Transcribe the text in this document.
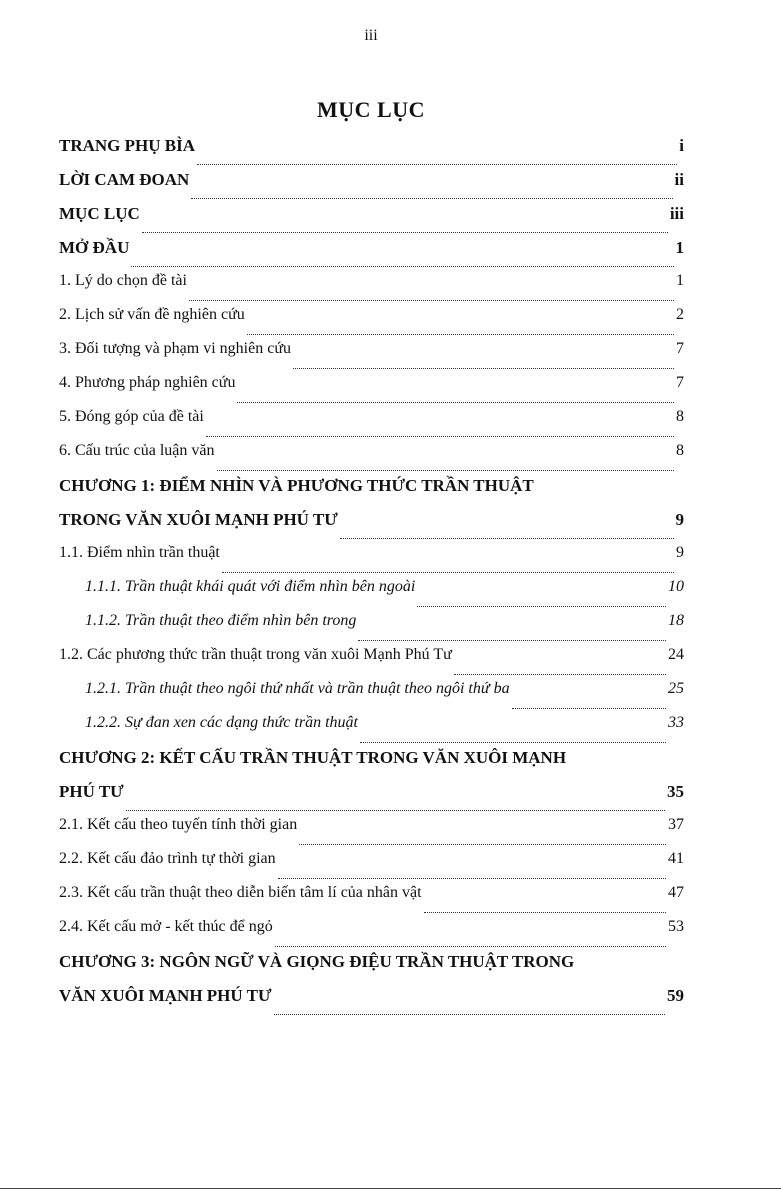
iii
MỤC LỤC
TRANG PHỤ BÌA	i
LỜI CAM ĐOAN	ii
MỤC LỤC	iii
MỞ ĐẦU	1
1. Lý do chọn đề tài	1
2. Lịch sử vấn đề nghiên cứu	2
3. Đối tượng và phạm vi nghiên cứu	7
4. Phương pháp nghiên cứu	7
5. Đóng góp của đề tài	8
6. Cấu trúc của luận văn	8
CHƯƠNG 1: ĐIỂM NHÌN VÀ PHƯƠNG THỨC TRẦN THUẬT
TRONG VĂN XUÔI MẠNH PHÚ TƯ	9
1.1. Điểm nhìn trần thuật	9
1.1.1. Trần thuật khái quát với điểm nhìn bên ngoài	10
1.1.2. Trần thuật theo điểm nhìn bên trong	18
1.2. Các phương thức trần thuật trong văn xuôi Mạnh Phú Tư	24
1.2.1. Trần thuật theo ngôi thứ nhất và trần thuật theo ngôi thứ ba	25
1.2.2. Sự đan xen các dạng thức trần thuật	33
CHƯƠNG 2: KẾT CẤU TRẦN THUẬT TRONG VĂN XUÔI MẠNH
PHÚ TƯ	35
2.1. Kết cấu theo tuyến tính thời gian	37
2.2. Kết cấu đảo trình tự thời gian	41
2.3. Kết cấu trần thuật theo diễn biến tâm lí của nhân vật	47
2.4. Kết cấu mở - kết thúc để ngỏ	53
CHƯƠNG 3: NGÔN NGỮ VÀ GIỌNG ĐIỆU TRẦN THUẬT TRONG
VĂN XUÔI MẠNH PHÚ TƯ	59
